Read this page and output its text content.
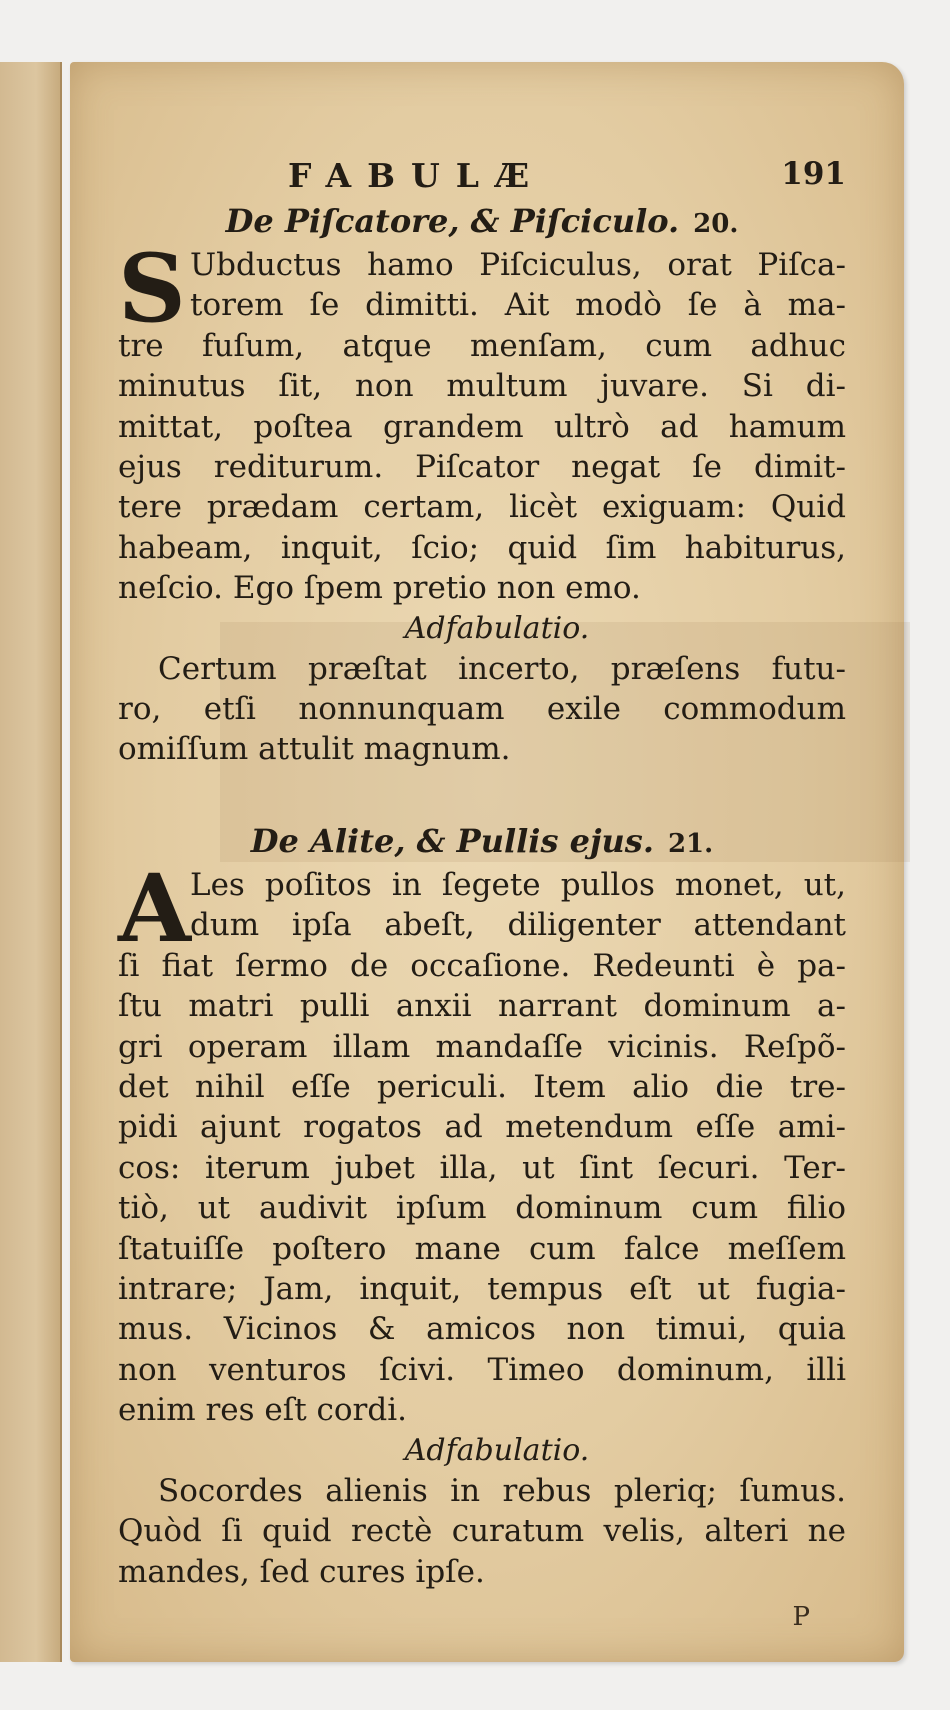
FABULÆ	191

De Piſcatore, & Piſciculo. 20.

S Ubductus hamo Piſciculus, orat Piſca-

torem ſe dimitti. Ait modò ſe à ma-

tre fuſum, atque menſam, cum adhuc

minutus ſit, non multum juvare. Si di-

mittat, poſtea grandem ultrò ad hamum

ejus rediturum. Piſcator negat ſe dimit-

tere prædam certam, licèt exiguam: Quid

habeam, inquit, ſcio; quid ſim habiturus,

neſcio. Ego ſpem pretio non emo.

Adfabulatio.

Certum præſtat incerto, præſens futu-

ro, etſi nonnunquam exile commodum

omiſſum attulit magnum.

De Alite, & Pullis ejus. 21.

A Les poſitos in ſegete pullos monet, ut,

dum ipſa abeſt, diligenter attendant

ſi fiat ſermo de occaſione. Redeunti è pa-

ſtu matri pulli anxii narrant dominum a-

gri operam illam mandaſſe vicinis. Reſpõ-

det nihil eſſe periculi. Item alio die tre-

pidi ajunt rogatos ad metendum eſſe ami-

cos: iterum jubet illa, ut ſint ſecuri. Ter-

tiò, ut audivit ipſum dominum cum filio

ſtatuiſſe poſtero mane cum falce meſſem

intrare; Jam, inquit, tempus eſt ut fugia-

mus. Vicinos & amicos non timui, quia

non venturos ſcivi. Timeo dominum, illi

enim res eſt cordi.

Adfabulatio.

Socordes alienis in rebus pleriq; ſumus.

Quòd ſi quid rectè curatum velis, alteri ne

mandes, ſed cures ipſe.

P
